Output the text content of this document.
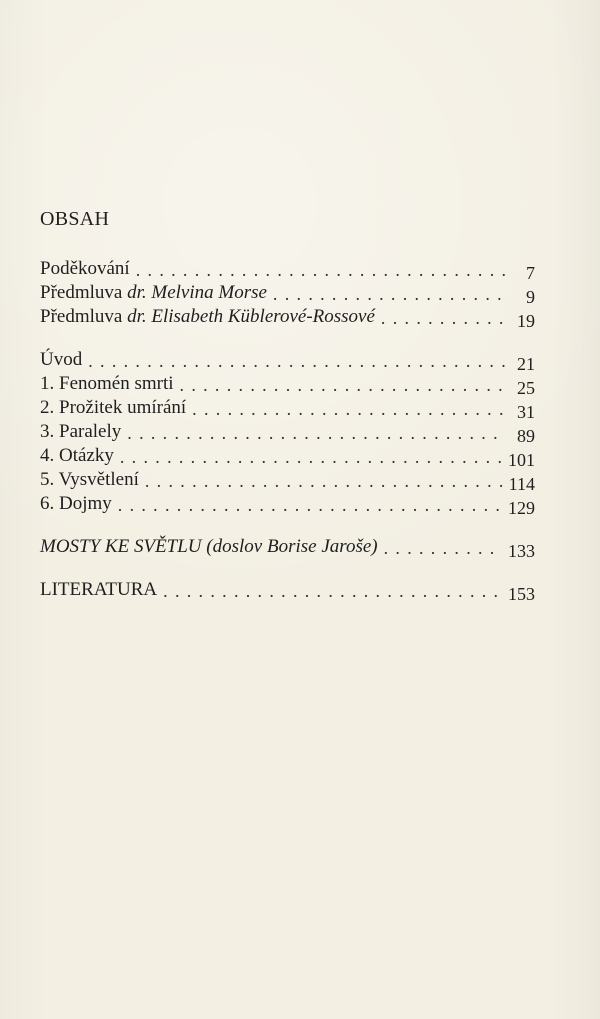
OBSAH
Poděkování . . .	7
Předmluva dr. Melvina Morse . . .	9
Předmluva dr. Elisabeth Küblerové-Rossové . . .	19
Úvod . . .	21
1. Fenomén smrti . . .	25
2. Prožitek umírání . . .	31
3. Paralely . . .	89
4. Otázky . . .	101
5. Vysvětlení . . .	114
6. Dojmy . . .	129
MOSTY KE SVĚTLU (doslov Borise Jaroše) . . .	133
LITERATURA . . .	153
